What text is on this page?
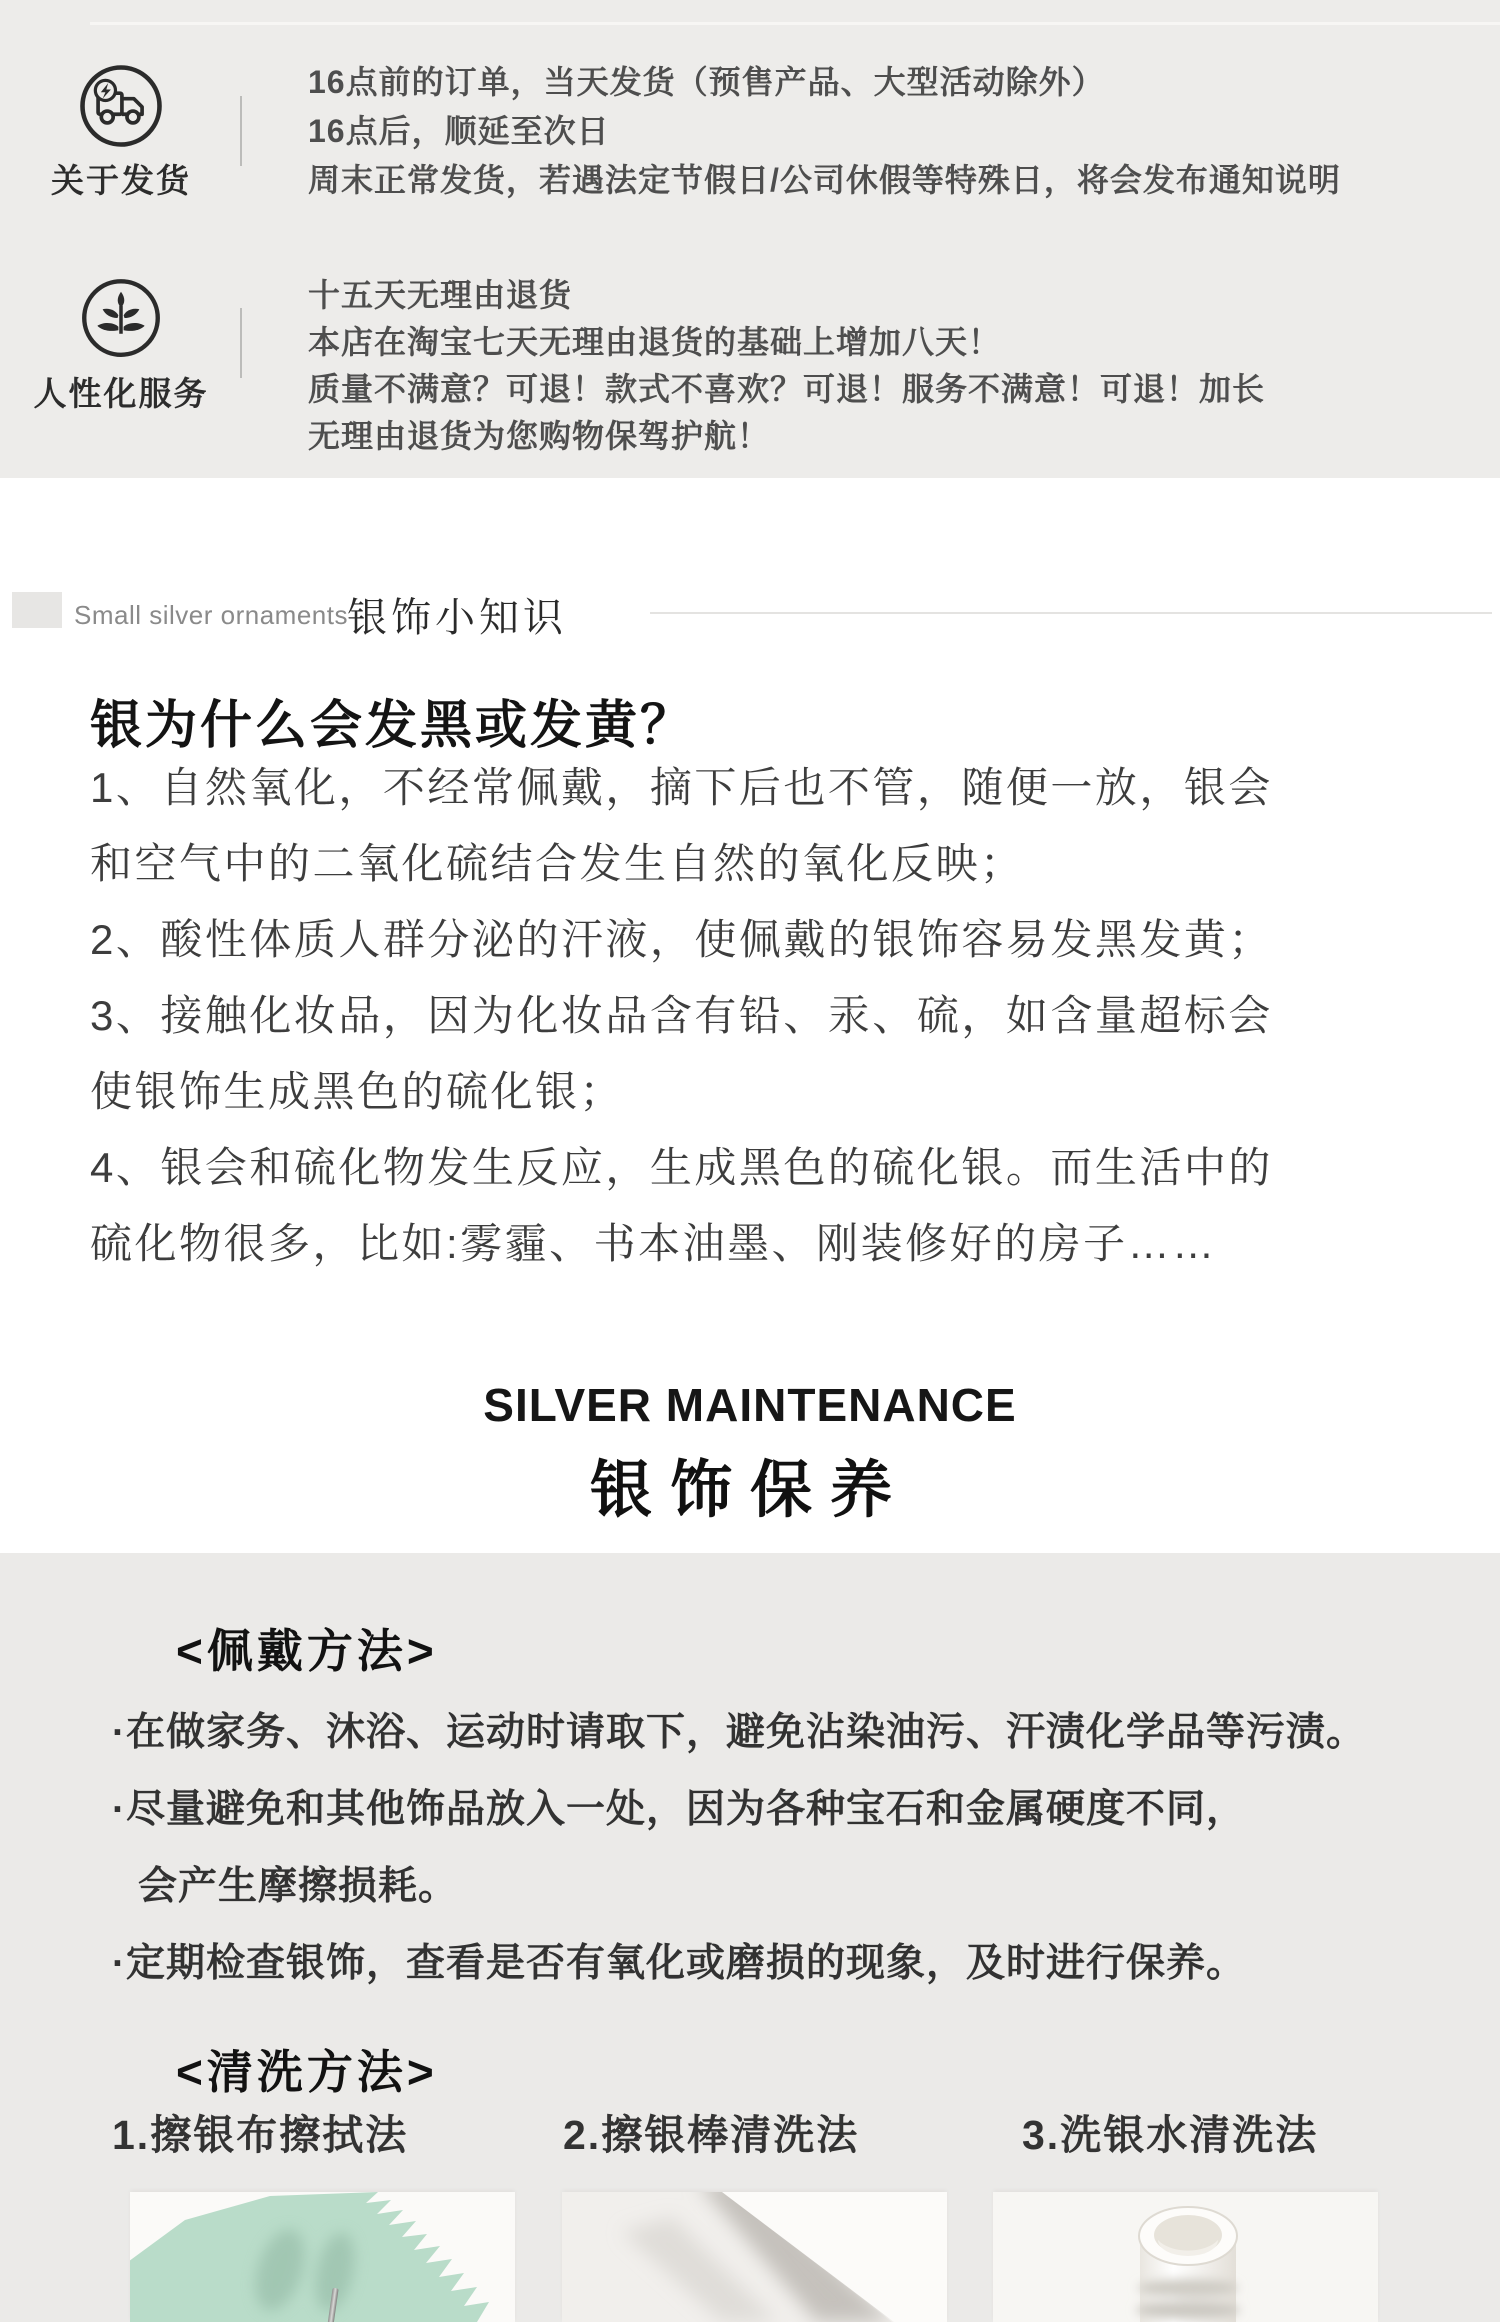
关于发货
16点前的订单，当天发货（预售产品、大型活动除外）
16点后，顺延至次日
周末正常发货，若遇法定节假日/公司休假等特殊日，将会发布通知说明
人性化服务
十五天无理由退货
本店在淘宝七天无理由退货的基础上增加八天！
质量不满意？可退！款式不喜欢？可退！服务不满意！可退！加长
无理由退货为您购物保驾护航！
Small silver ornaments 银饰小知识
银为什么会发黑或发黄？
1、自然氧化，不经常佩戴，摘下后也不管，随便一放，银会
和空气中的二氧化硫结合发生自然的氧化反映；
2、酸性体质人群分泌的汗液，使佩戴的银饰容易发黑发黄；
3、接触化妆品，因为化妆品含有铅、汞、硫，如含量超标会
使银饰生成黑色的硫化银；
4、银会和硫化物发生反应，生成黑色的硫化银。而生活中的
硫化物很多，比如:雾霾、书本油墨、刚装修好的房子……
SILVER MAINTENANCE
银饰保养
<佩戴方法>
·在做家务、沐浴、运动时请取下，避免沾染油污、汗渍化学品等污渍。
·尽量避免和其他饰品放入一处，因为各种宝石和金属硬度不同，
会产生摩擦损耗。
·定期检查银饰，查看是否有氧化或磨损的现象，及时进行保养。
<清洗方法>
1.擦银布擦拭法	2.擦银棒清洗法	3.洗银水清洗法
